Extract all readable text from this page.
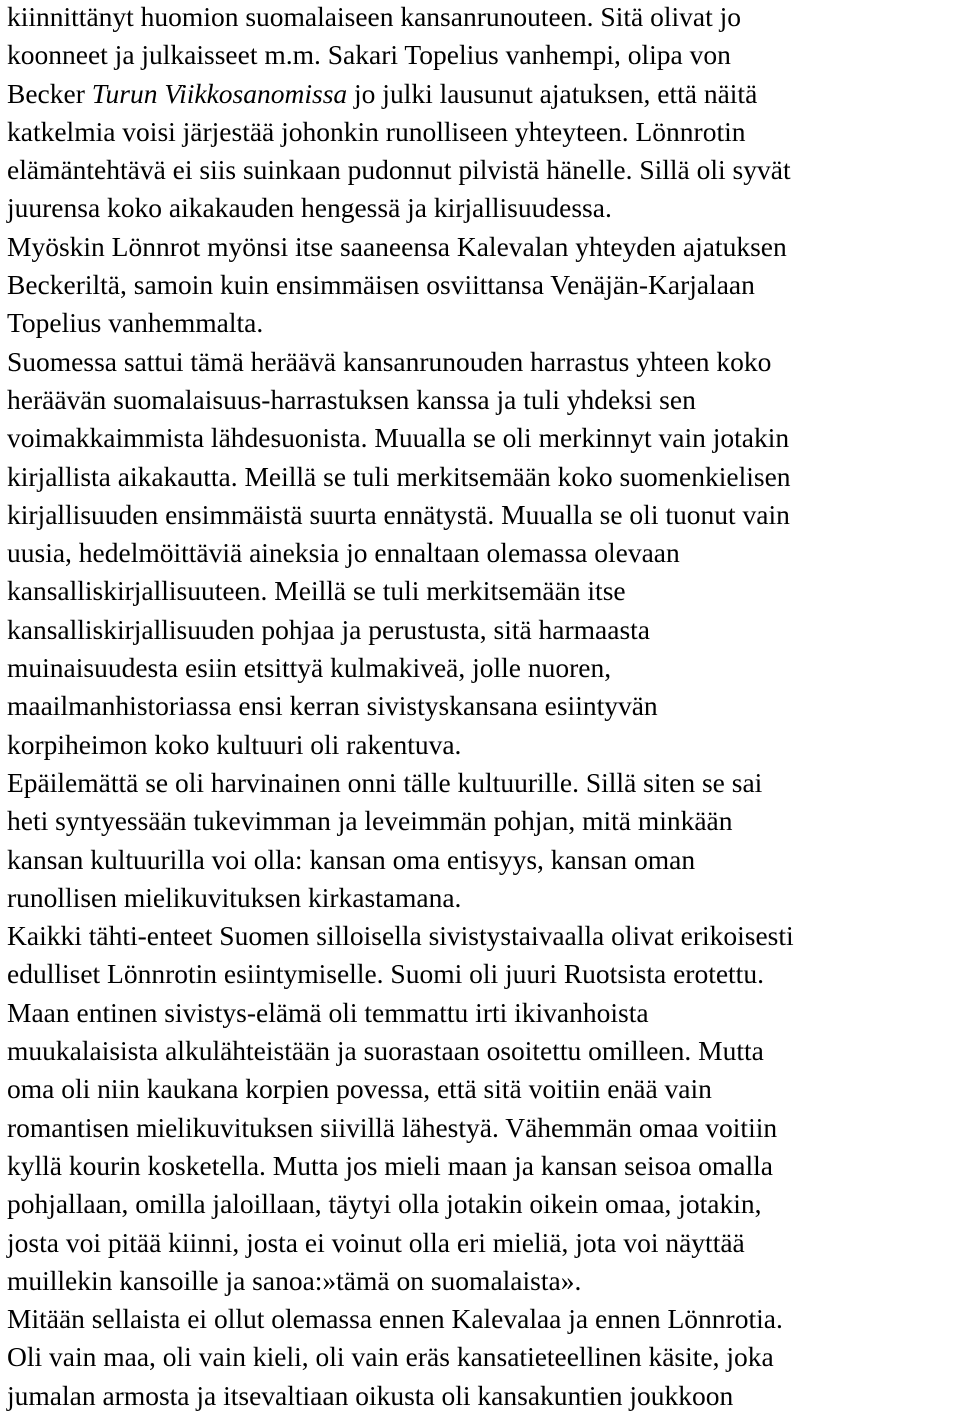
kiinnittänyt huomion suomalaiseen kansanrunouteen. Sitä olivat jo
koonneet ja julkaisseet m.m. Sakari Topelius vanhempi, olipa von
Becker Turun Viikkosanomissa jo julki lausunut ajatuksen, että näitä
katkelmia voisi järjestää johonkin runolliseen yhteyteen. Lönnrotin
elämäntehtävä ei siis suinkaan pudonnut pilvistä hänelle. Sillä oli syvät
juurensa koko aikakauden hengessä ja kirjallisuudessa.
Myöskin Lönnrot myönsi itse saaneensa Kalevalan yhteyden ajatuksen
Beckeriltä, samoin kuin ensimmäisen osviittansa Venäjän-Karjalaan
Topelius vanhemmalta.
Suomessa sattui tämä heräävä kansanrunouden harrastus yhteen koko
heräävän suomalaisuus-harrastuksen kanssa ja tuli yhdeksi sen
voimakkaimmista lähdesuonista. Muualla se oli merkinnyt vain jotakin
kirjallista aikakautta. Meillä se tuli merkitsemään koko suomenkielisen
kirjallisuuden ensimmäistä suurta ennätystä. Muualla se oli tuonut vain
uusia, hedelmöittäviä aineksia jo ennaltaan olemassa olevaan
kansalliskirjallisuuteen. Meillä se tuli merkitsemään itse
kansalliskirjallisuuden pohjaa ja perustusta, sitä harmaasta
muinaisuudesta esiin etsittyä kulmakiveä, jolle nuoren,
maailmanhistoriassa ensi kerran sivistyskansana esiintyvän
korpiheimon koko kultuuri oli rakentuva.
Epäilemättä se oli harvinainen onni tälle kultuurille. Sillä siten se sai
heti syntyessään tukevimman ja leveimmän pohjan, mitä minkään
kansan kultuurilla voi olla: kansan oma entisyys, kansan oman
runollisen mielikuvituksen kirkastamana.
Kaikki tähti-enteet Suomen silloisella sivistystaivaalla olivat erikoisesti
edulliset Lönnrotin esiintymiselle. Suomi oli juuri Ruotsista erotettu.
Maan entinen sivistys-elämä oli temmattu irti ikivanhoista
muukalaisista alkulähteistään ja suorastaan osoitettu omilleen. Mutta
oma oli niin kaukana korpien povessa, että sitä voitiin enää vain
romantisen mielikuvituksen siivillä lähestyä. Vähemmän omaa voitiin
kyllä kourin kosketella. Mutta jos mieli maan ja kansan seisoa omalla
pohjallaan, omilla jaloillaan, täytyi olla jotakin oikein omaa, jotakin,
josta voi pitää kiinni, josta ei voinut olla eri mieliä, jota voi näyttää
muillekin kansoille ja sanoa:»tämä on suomalaista».
Mitään sellaista ei ollut olemassa ennen Kalevalaa ja ennen Lönnrotia.
Oli vain maa, oli vain kieli, oli vain eräs kansatieteellinen käsite, joka
jumalan armosta ja itsevaltiaan oikusta oli kansakuntien joukkoon
